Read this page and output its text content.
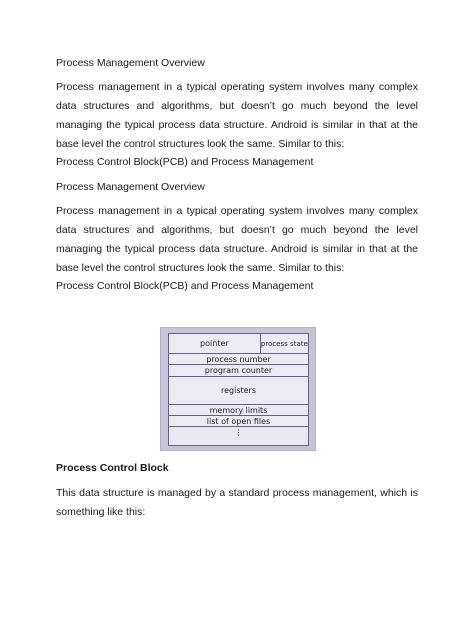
Process Management Overview
Process management in a typical operating system involves many complex data structures and algorithms, but doesn’t go much beyond the level managing the typical process data structure. Android is similar in that at the base level the control structures look the same. Similar to this:
Process Control Block(PCB) and Process Management
Process Management Overview
Process management in a typical operating system involves many complex data structures and algorithms, but doesn’t go much beyond the level managing the typical process data structure. Android is similar in that at the base level the control structures look the same. Similar to this:
Process Control Block(PCB) and Process Management
pointer	process state
process number
program counter
registers
memory limits
list of open files
⋮
Process Control Block
This data structure is managed by a standard process management, which is something like this:
